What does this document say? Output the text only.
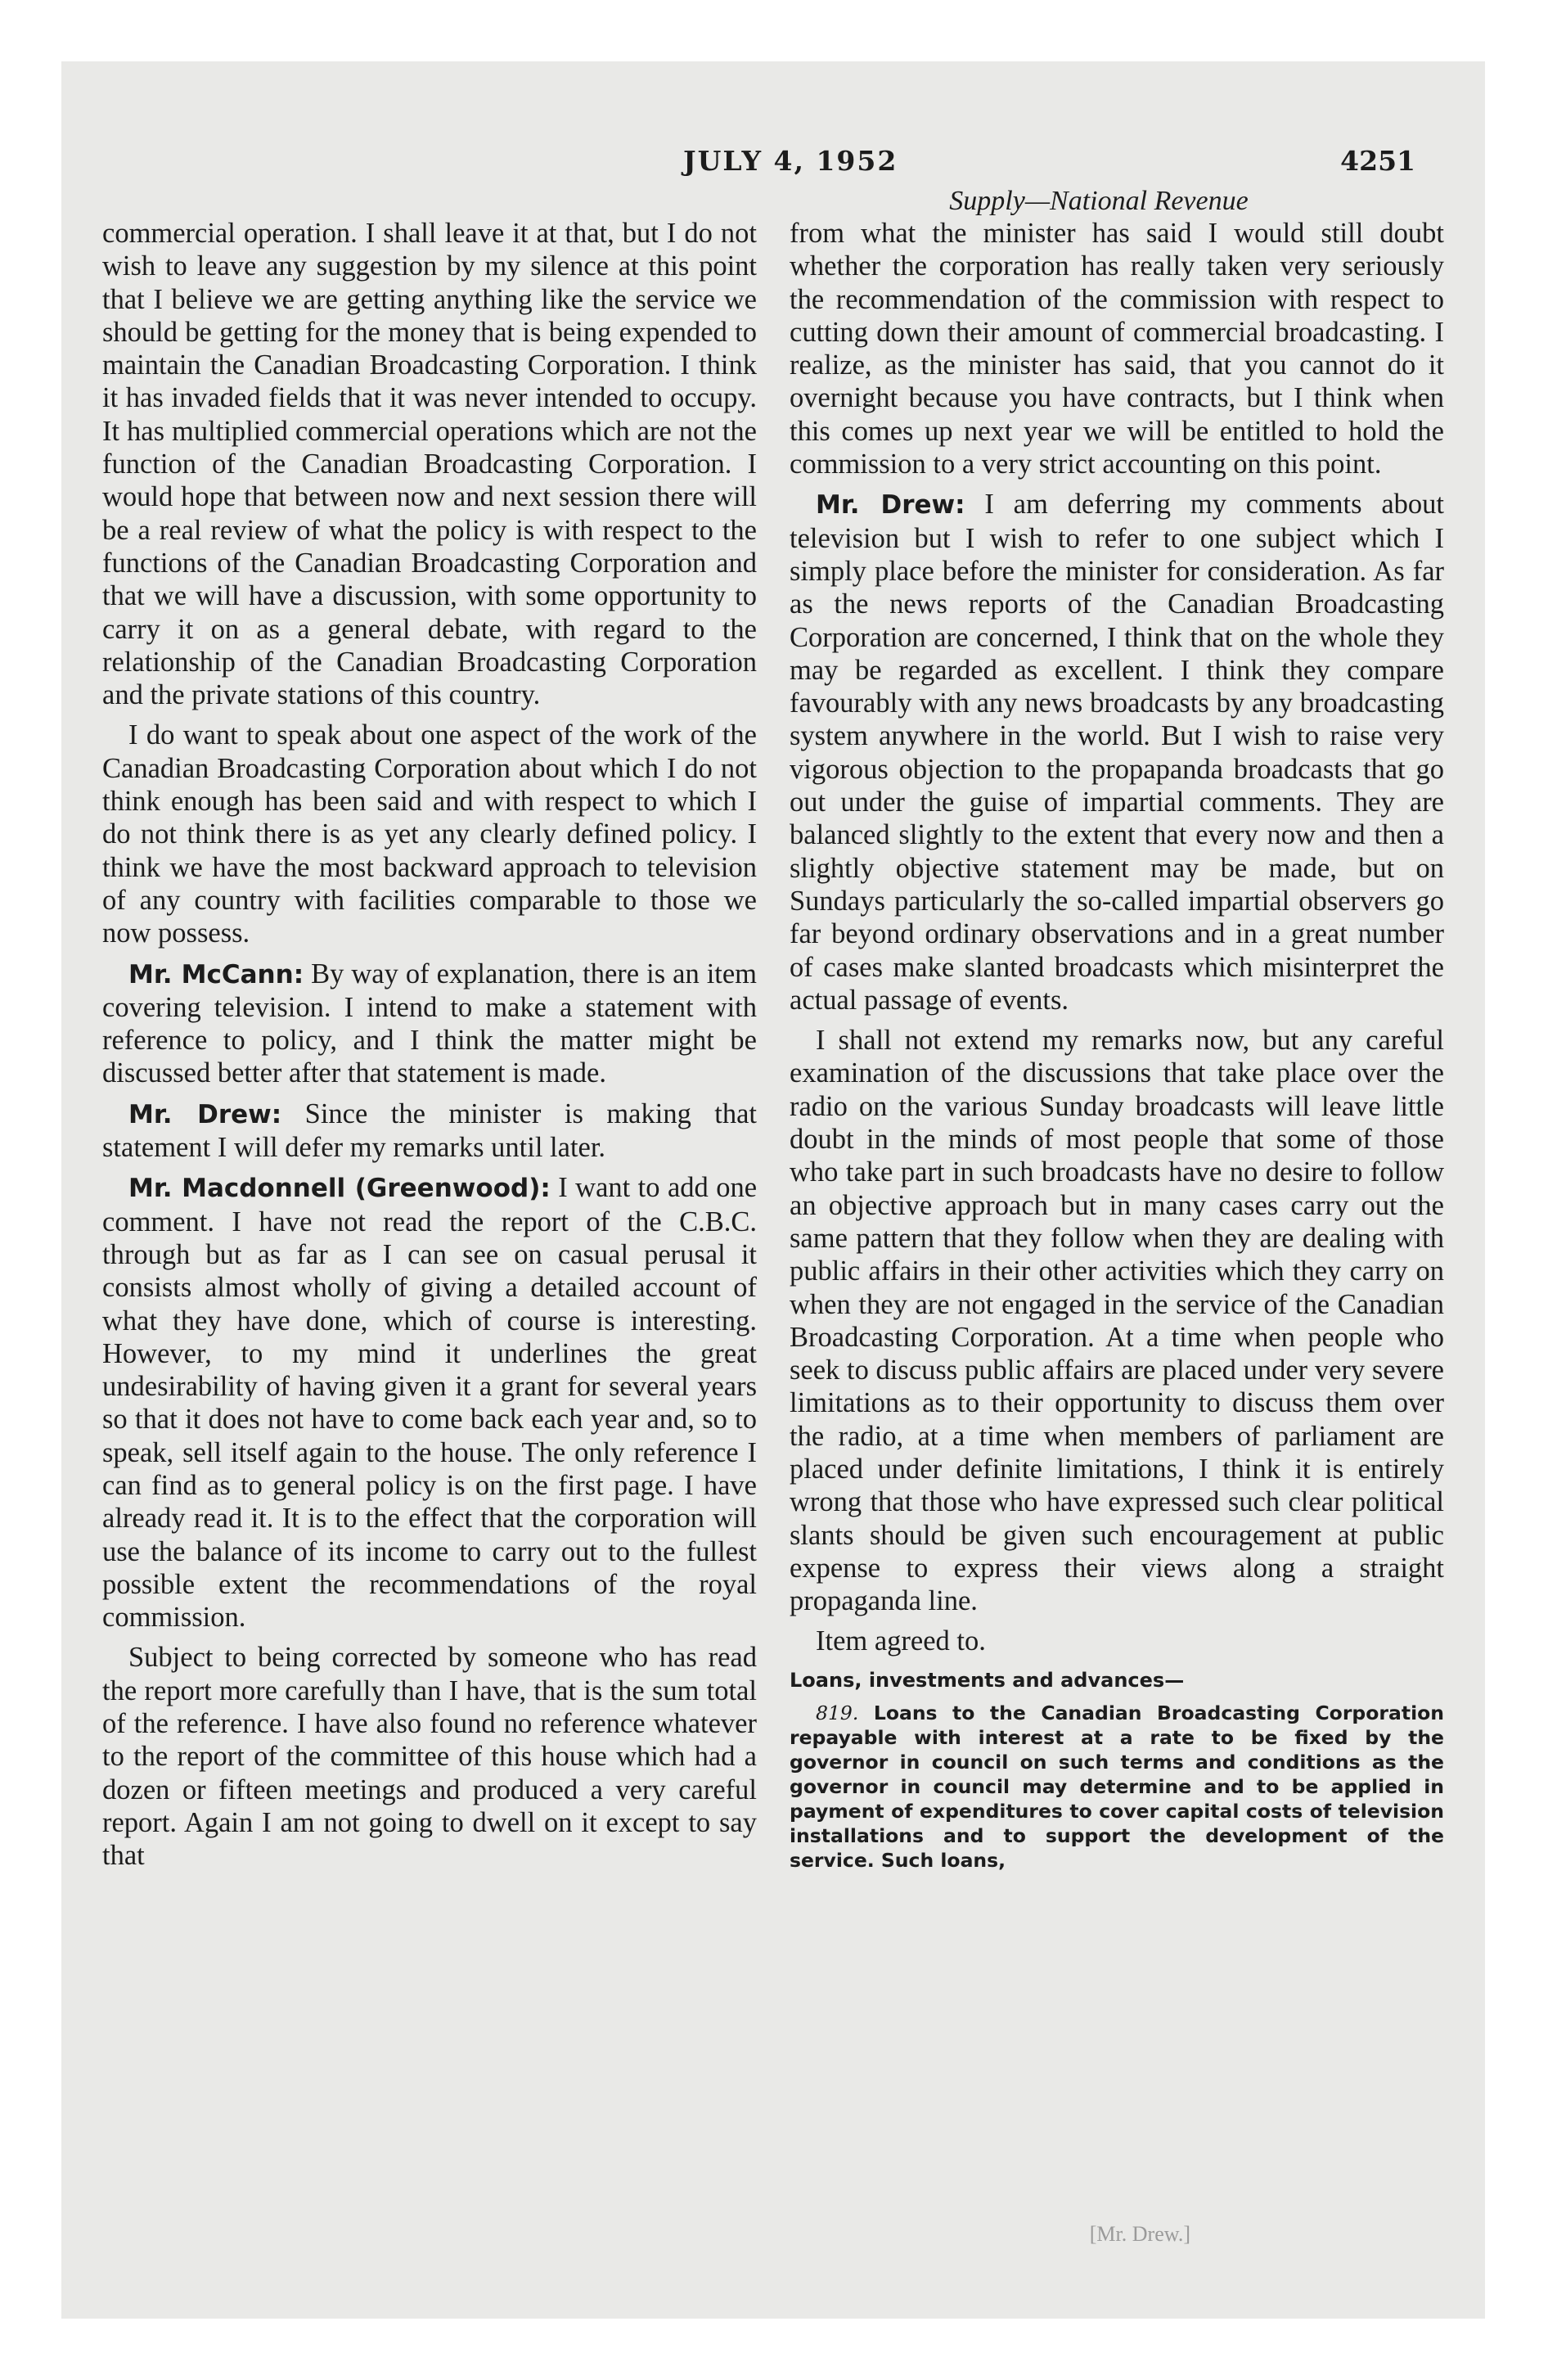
JULY 4, 1952	4251
Supply—National Revenue

commercial operation. I shall leave it at that, but I do not wish to leave any suggestion by my silence at this point that I believe we are getting anything like the service we should be getting for the money that is being expended to maintain the Canadian Broadcasting Corporation. I think it has invaded fields that it was never intended to occupy. It has multiplied commercial operations which are not the function of the Canadian Broadcasting Corporation. I would hope that between now and next session there will be a real review of what the policy is with respect to the functions of the Canadian Broadcasting Corporation and that we will have a discussion, with some opportunity to carry it on as a general debate, with regard to the relationship of the Canadian Broadcasting Corporation and the private stations of this country.

I do want to speak about one aspect of the work of the Canadian Broadcasting Corporation about which I do not think enough has been said and with respect to which I do not think there is as yet any clearly defined policy. I think we have the most backward approach to television of any country with facilities comparable to those we now possess.

Mr. McCann: By way of explanation, there is an item covering television. I intend to make a statement with reference to policy, and I think the matter might be discussed better after that statement is made.

Mr. Drew: Since the minister is making that statement I will defer my remarks until later.

Mr. Macdonnell (Greenwood): I want to add one comment. I have not read the report of the C.B.C. through but as far as I can see on casual perusal it consists almost wholly of giving a detailed account of what they have done, which of course is interesting. However, to my mind it underlines the great undesirability of having given it a grant for several years so that it does not have to come back each year and, so to speak, sell itself again to the house. The only reference I can find as to general policy is on the first page. I have already read it. It is to the effect that the corporation will use the balance of its income to carry out to the fullest possible extent the recommendations of the royal commission.

Subject to being corrected by someone who has read the report more carefully than I have, that is the sum total of the reference. I have also found no reference whatever to the report of the committee of this house which had a dozen or fifteen meetings and produced a very careful report. Again I am not going to dwell on it except to say that

from what the minister has said I would still doubt whether the corporation has really taken very seriously the recommendation of the commission with respect to cutting down their amount of commercial broadcasting. I realize, as the minister has said, that you cannot do it overnight because you have contracts, but I think when this comes up next year we will be entitled to hold the commission to a very strict accounting on this point.

Mr. Drew: I am deferring my comments about television but I wish to refer to one subject which I simply place before the minister for consideration. As far as the news reports of the Canadian Broadcasting Corporation are concerned, I think that on the whole they may be regarded as excellent. I think they compare favourably with any news broadcasts by any broadcasting system anywhere in the world. But I wish to raise very vigorous objection to the propapanda broadcasts that go out under the guise of impartial comments. They are balanced slightly to the extent that every now and then a slightly objective statement may be made, but on Sundays particularly the so-called impartial observers go far beyond ordinary observations and in a great number of cases make slanted broadcasts which misinterpret the actual passage of events.

I shall not extend my remarks now, but any careful examination of the discussions that take place over the radio on the various Sunday broadcasts will leave little doubt in the minds of most people that some of those who take part in such broadcasts have no desire to follow an objective approach but in many cases carry out the same pattern that they follow when they are dealing with public affairs in their other activities which they carry on when they are not engaged in the service of the Canadian Broadcasting Corporation. At a time when people who seek to discuss public affairs are placed under very severe limitations as to their opportunity to discuss them over the radio, at a time when members of parliament are placed under definite limitations, I think it is entirely wrong that those who have expressed such clear political slants should be given such encouragement at public expense to express their views along a straight propaganda line.

Item agreed to.

Loans, investments and advances—
819. Loans to the Canadian Broadcasting Corporation repayable with interest at a rate to be fixed by the governor in council on such terms and conditions as the governor in council may determine and to be applied in payment of expenditures to cover capital costs of television installations and to support the development of the service. Such loans,
[Mr. Drew.]
